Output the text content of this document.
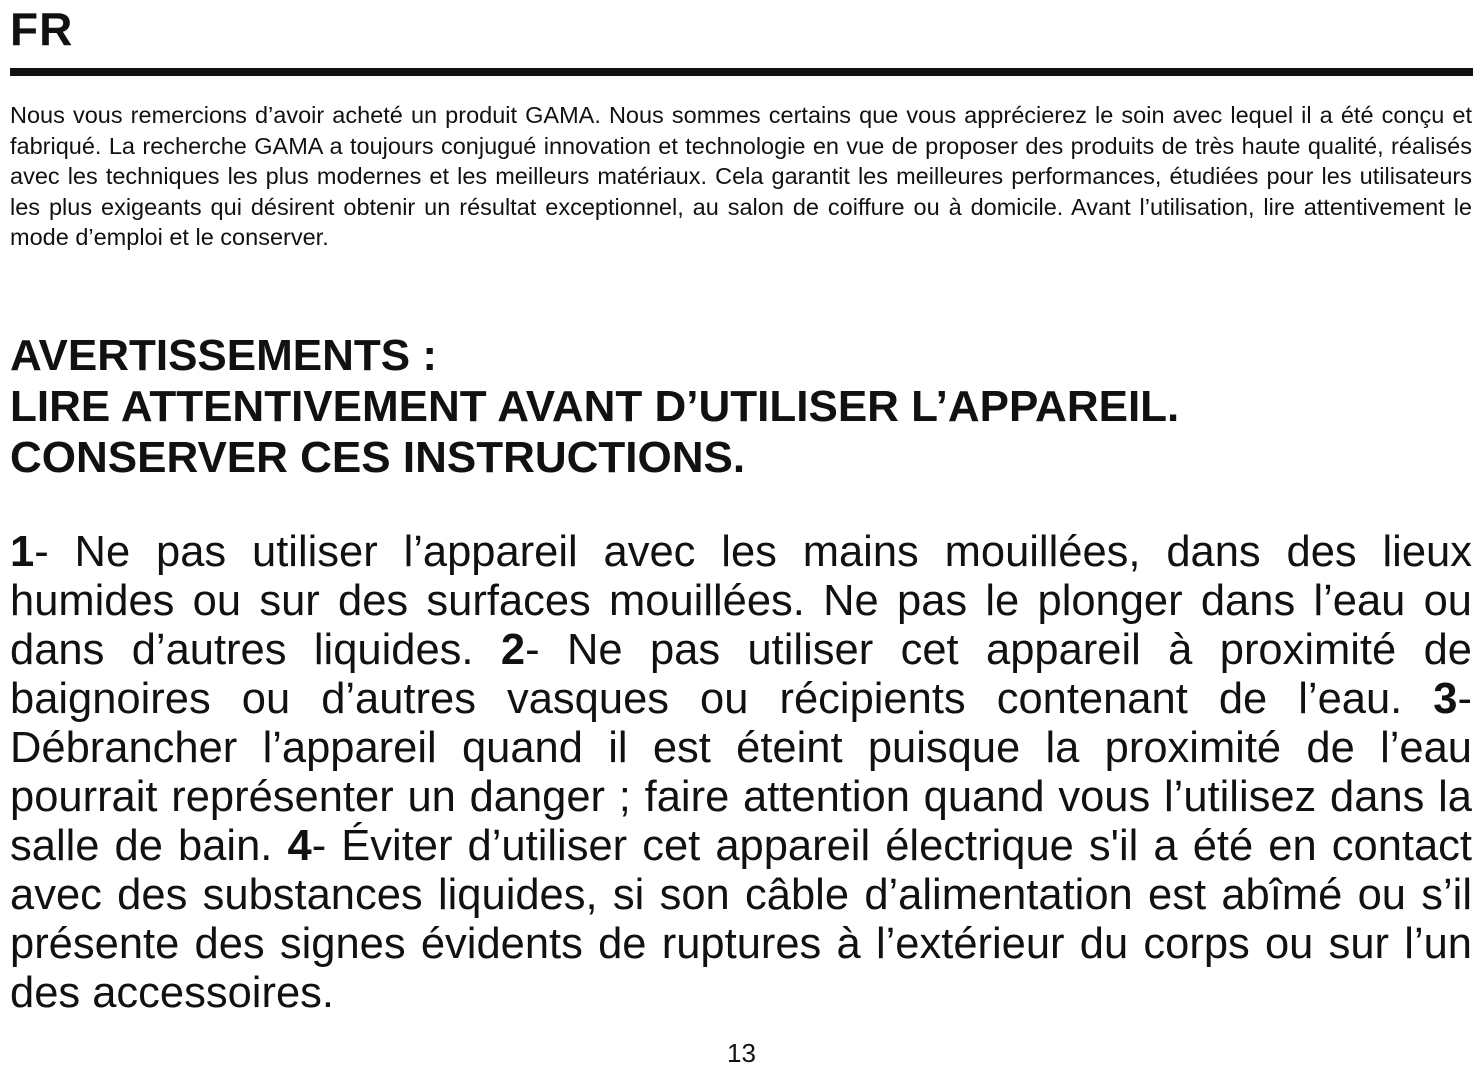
FR

Nous vous remercions d’avoir acheté un produit GAMA. Nous sommes certains que vous apprécierez le soin avec lequel il a été conçu et fabriqué. La recherche GAMA a toujours conjugué innovation et technologie en vue de proposer des produits de très haute qualité, réalisés avec les techniques les plus modernes et les meilleurs matériaux. Cela garantit les meilleures performances, étudiées pour les utilisateurs les plus exigeants qui désirent obtenir un résultat exceptionnel, au salon de coiffure ou à domicile. Avant l’utilisation, lire attentivement le mode d’emploi et le conserver.

AVERTISSEMENTS :
LIRE ATTENTIVEMENT AVANT D’UTILISER L’APPAREIL.
CONSERVER CES INSTRUCTIONS.

1- Ne pas utiliser l’appareil avec les mains mouillées, dans des lieux humides ou sur des surfaces mouillées. Ne pas le plonger dans l’eau ou dans d’autres liquides. 2- Ne pas utiliser cet appareil à proximité de baignoires ou d’autres vasques ou récipients contenant de l’eau. 3- Débrancher l’appareil quand il est éteint puisque la proximité de l’eau pourrait représenter un danger ; faire attention quand vous l’utilisez dans la salle de bain. 4- Éviter d’utiliser cet appareil électrique s'il a été en contact avec des substances liquides, si son câble d’alimentation est abîmé ou s’il présente des signes évidents de ruptures à l’extérieur du corps ou sur l’un des accessoires.

13
